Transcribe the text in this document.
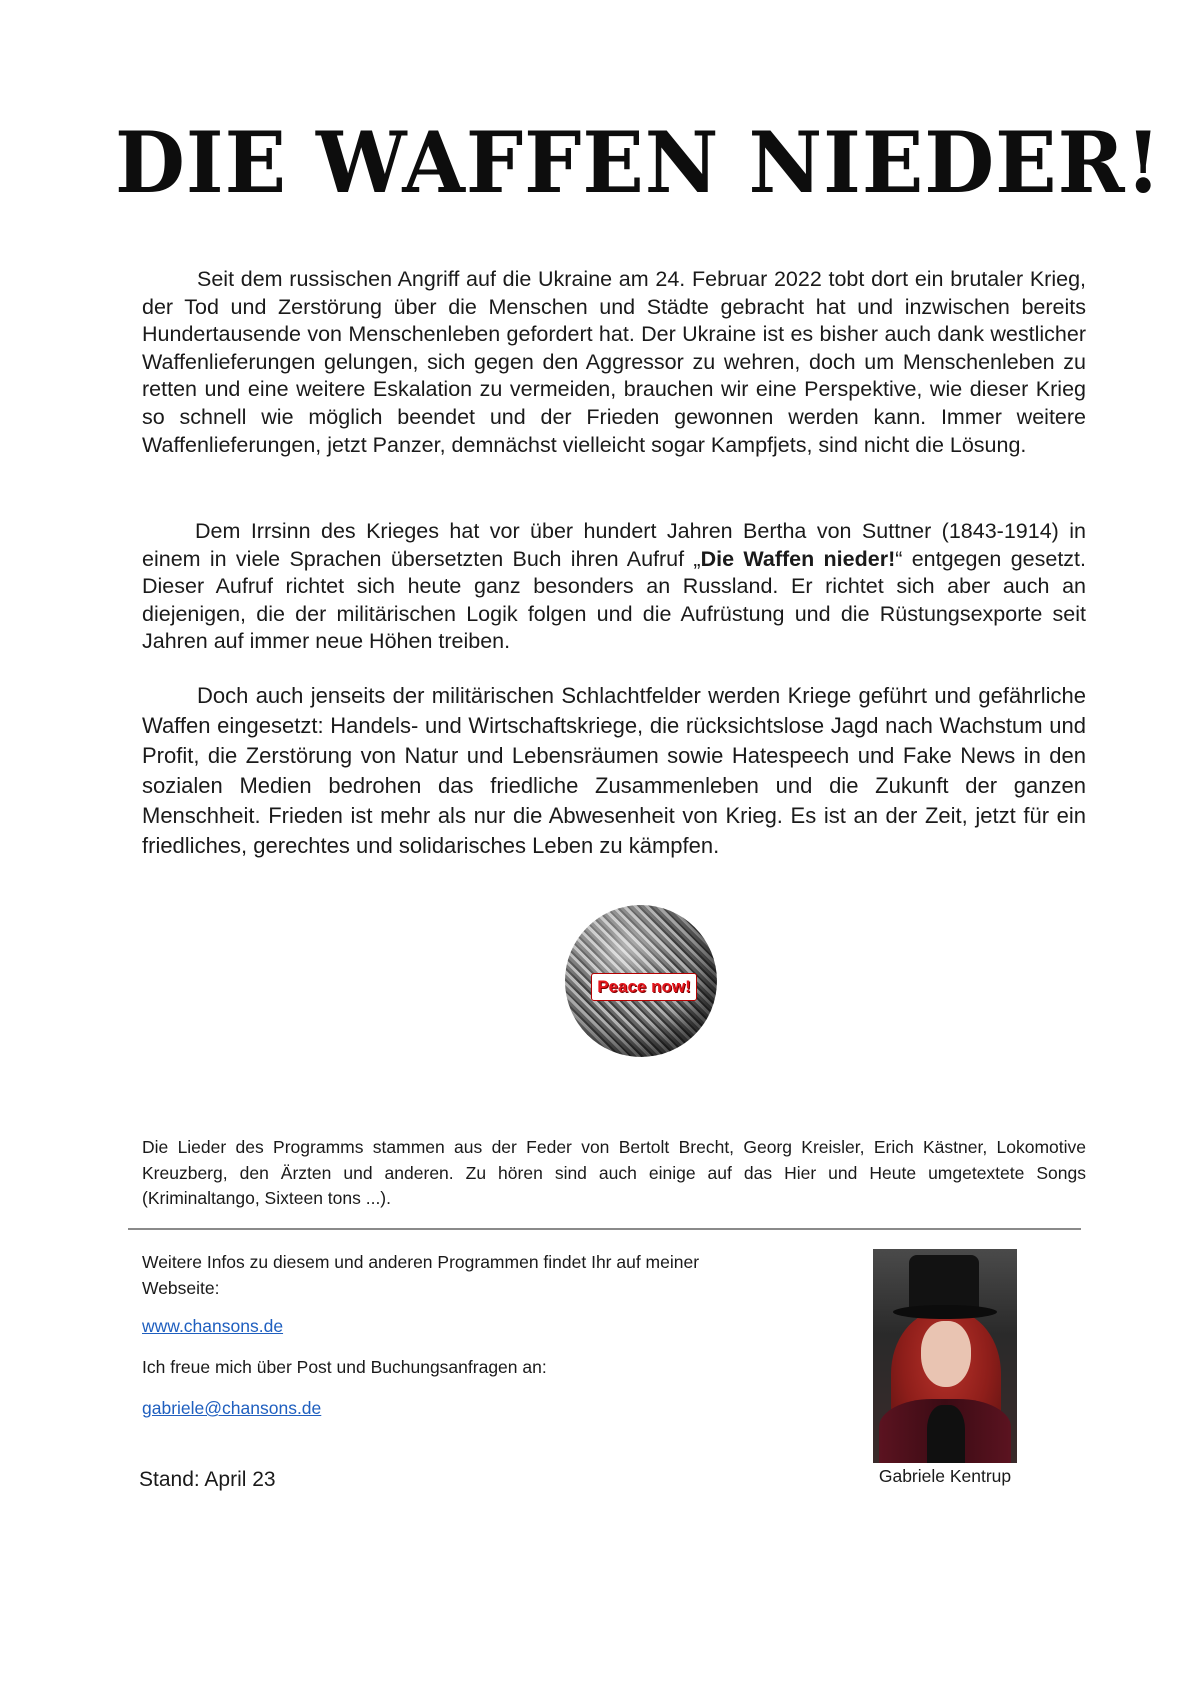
DIE WAFFEN NIEDER!

Seit dem russischen Angriff auf die Ukraine am 24. Februar 2022 tobt dort ein brutaler Krieg, der Tod und Zerstörung über die Menschen und Städte gebracht hat und inzwischen bereits Hundertausende von Menschenleben gefordert hat. Der Ukraine ist es bisher auch dank westlicher Waffenlieferungen gelungen, sich gegen den Aggressor zu wehren, doch um Menschenleben zu retten und eine weitere Eskalation zu vermeiden, brauchen wir eine Perspektive, wie dieser Krieg so schnell wie möglich beendet und der Frieden gewonnen werden kann. Immer weitere Waffenlieferungen, jetzt Panzer, demnächst vielleicht sogar Kampfjets, sind nicht die Lösung.

Dem Irrsinn des Krieges hat vor über hundert Jahren Bertha von Suttner (1843-1914) in einem in viele Sprachen übersetzten Buch ihren Aufruf „Die Waffen nieder!“ entgegen gesetzt. Dieser Aufruf richtet sich heute ganz besonders an Russland. Er richtet sich aber auch an diejenigen, die der militärischen Logik folgen und die Aufrüstung und die Rüstungsexporte seit Jahren auf immer neue Höhen treiben.

Doch auch jenseits der militärischen Schlachtfelder werden Kriege geführt und gefährliche Waffen eingesetzt: Handels- und Wirtschaftskriege, die rücksichtslose Jagd nach Wachstum und Profit, die Zerstörung von Natur und Lebensräumen sowie Hatespeech und Fake News in den sozialen Medien bedrohen das friedliche Zusammenleben und die Zukunft der ganzen Menschheit. Frieden ist mehr als nur die Abwesenheit von Krieg. Es ist an der Zeit, jetzt für ein friedliches, gerechtes und solidarisches Leben zu kämpfen.

Peace now!

Die Lieder des Programms stammen aus der Feder von Bertolt Brecht, Georg Kreisler, Erich Kästner, Lokomotive Kreuzberg, den Ärzten und anderen. Zu hören sind auch einige auf das Hier und Heute umgetextete Songs (Kriminaltango, Sixteen tons ...).

Weitere Infos zu diesem und anderen Programmen findet Ihr auf meiner Webseite:

www.chansons.de

Ich freue mich über Post und Buchungsanfragen an:

gabriele@chansons.de

Stand: April 23	Gabriele Kentrup
